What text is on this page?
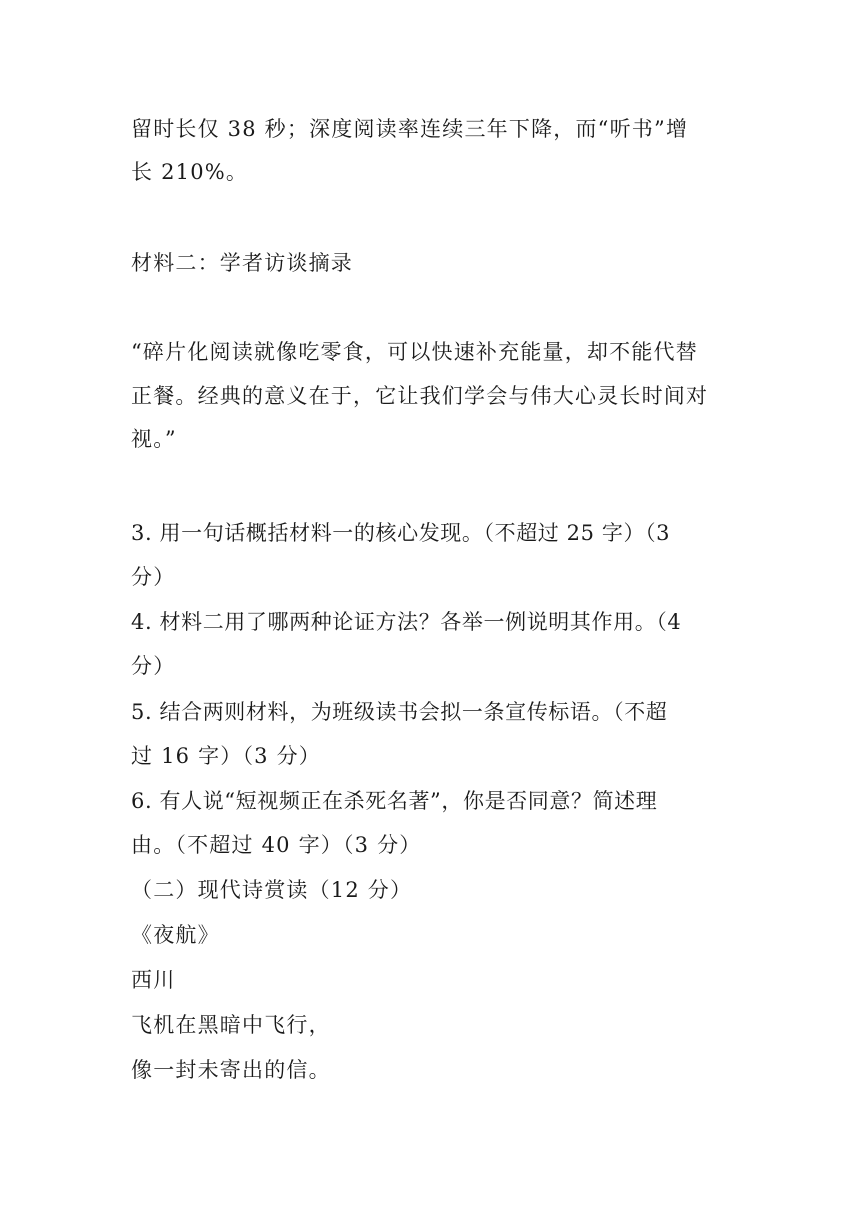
留时长仅 38 秒；深度阅读率连续三年下降，而“听书”增
长 210%。
材料二：学者访谈摘录
“碎片化阅读就像吃零食，可以快速补充能量，却不能代替
正餐。经典的意义在于，它让我们学会与伟大心灵长时间对
视。”
3. 用一句话概括材料一的核心发现。（不超过 25 字）（3
分）
4. 材料二用了哪两种论证方法？各举一例说明其作用。（4
分）
5. 结合两则材料，为班级读书会拟一条宣传标语。（不超
过 16 字）（3 分）
6. 有人说“短视频正在杀死名著”，你是否同意？简述理
由。（不超过 40 字）（3 分）
（二）现代诗赏读（12 分）
《夜航》
西川
飞机在黑暗中飞行，
像一封未寄出的信。
